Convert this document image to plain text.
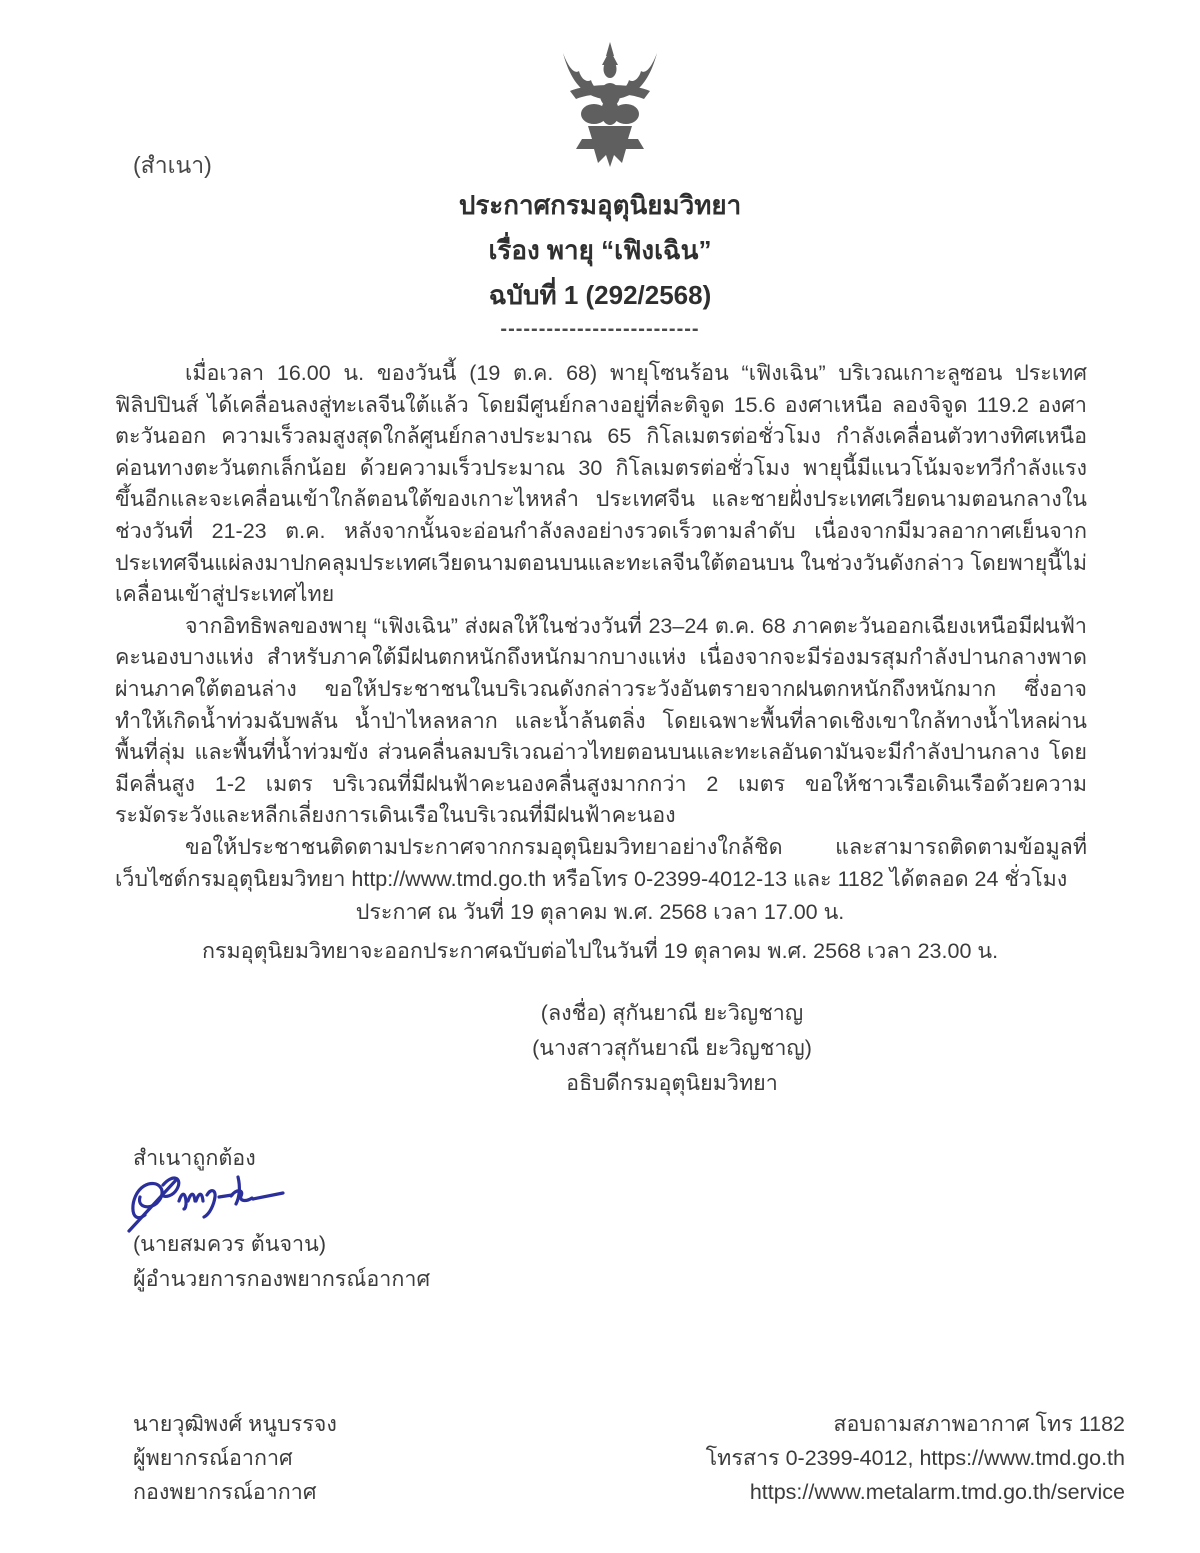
(สำเนา)
ประกาศกรมอุตุนิยมวิทยา
เรื่อง พายุ “เฟิงเฉิน”
ฉบับที่ 1 (292/2568)
--------------------------

เมื่อเวลา 16.00 น. ของวันนี้ (19 ต.ค. 68) พายุโซนร้อน “เฟิงเฉิน” บริเวณเกาะลูซอน ประเทศฟิลิปปินส์ ได้เคลื่อนลงสู่ทะเลจีนใต้แล้ว โดยมีศูนย์กลางอยู่ที่ละติจูด 15.6 องศาเหนือ ลองจิจูด 119.2 องศาตะวันออก ความเร็วลมสูงสุดใกล้ศูนย์กลางประมาณ 65 กิโลเมตรต่อชั่วโมง กำลังเคลื่อนตัวทางทิศเหนือค่อนทางตะวันตกเล็กน้อย ด้วยความเร็วประมาณ 30 กิโลเมตรต่อชั่วโมง พายุนี้มีแนวโน้มจะทวีกำลังแรงขึ้นอีกและจะเคลื่อนเข้าใกล้ตอนใต้ของเกาะไหหลำ ประเทศจีน และชายฝั่งประเทศเวียดนามตอนกลางในช่วงวันที่ 21-23 ต.ค. หลังจากนั้นจะอ่อนกำลังลงอย่างรวดเร็วตามลำดับ เนื่องจากมีมวลอากาศเย็นจากประเทศจีนแผ่ลงมาปกคลุมประเทศเวียดนามตอนบนและทะเลจีนใต้ตอนบน ในช่วงวันดังกล่าว โดยพายุนี้ไม่เคลื่อนเข้าสู่ประเทศไทย

จากอิทธิพลของพายุ “เฟิงเฉิน” ส่งผลให้ในช่วงวันที่ 23–24 ต.ค. 68 ภาคตะวันออกเฉียงเหนือมีฝนฟ้าคะนองบางแห่ง สำหรับภาคใต้มีฝนตกหนักถึงหนักมากบางแห่ง เนื่องจากจะมีร่องมรสุมกำลังปานกลางพาดผ่านภาคใต้ตอนล่าง ขอให้ประชาชนในบริเวณดังกล่าวระวังอันตรายจากฝนตกหนักถึงหนักมาก ซึ่งอาจทำให้เกิดน้ำท่วมฉับพลัน น้ำป่าไหลหลาก และน้ำล้นตลิ่ง โดยเฉพาะพื้นที่ลาดเชิงเขาใกล้ทางน้ำไหลผ่าน พื้นที่ลุ่ม และพื้นที่น้ำท่วมขัง ส่วนคลื่นลมบริเวณอ่าวไทยตอนบนและทะเลอันดามันจะมีกำลังปานกลาง โดยมีคลื่นสูง 1-2 เมตร บริเวณที่มีฝนฟ้าคะนองคลื่นสูงมากกว่า 2 เมตร ขอให้ชาวเรือเดินเรือด้วยความระมัดระวังและหลีกเลี่ยงการเดินเรือในบริเวณที่มีฝนฟ้าคะนอง

ขอให้ประชาชนติดตามประกาศจากกรมอุตุนิยมวิทยาอย่างใกล้ชิด และสามารถติดตามข้อมูลที่เว็บไซต์กรมอุตุนิยมวิทยา http://www.tmd.go.th หรือโทร 0-2399-4012-13 และ 1182 ได้ตลอด 24 ชั่วโมง

ประกาศ ณ วันที่ 19 ตุลาคม พ.ศ. 2568 เวลา 17.00 น.
กรมอุตุนิยมวิทยาจะออกประกาศฉบับต่อไปในวันที่ 19 ตุลาคม พ.ศ. 2568 เวลา 23.00 น.
(ลงชื่อ) สุกันยาณี ยะวิญชาญ
(นางสาวสุกันยาณี ยะวิญชาญ)
อธิบดีกรมอุตุนิยมวิทยา
สำเนาถูกต้อง
(นายสมควร ต้นจาน)
ผู้อำนวยการกองพยากรณ์อากาศ
นายวุฒิพงศ์ หนูบรรจง
ผู้พยากรณ์อากาศ
กองพยากรณ์อากาศ
สอบถามสภาพอากาศ โทร 1182
โทรสาร 0-2399-4012, https://www.tmd.go.th
https://www.metalarm.tmd.go.th/service
